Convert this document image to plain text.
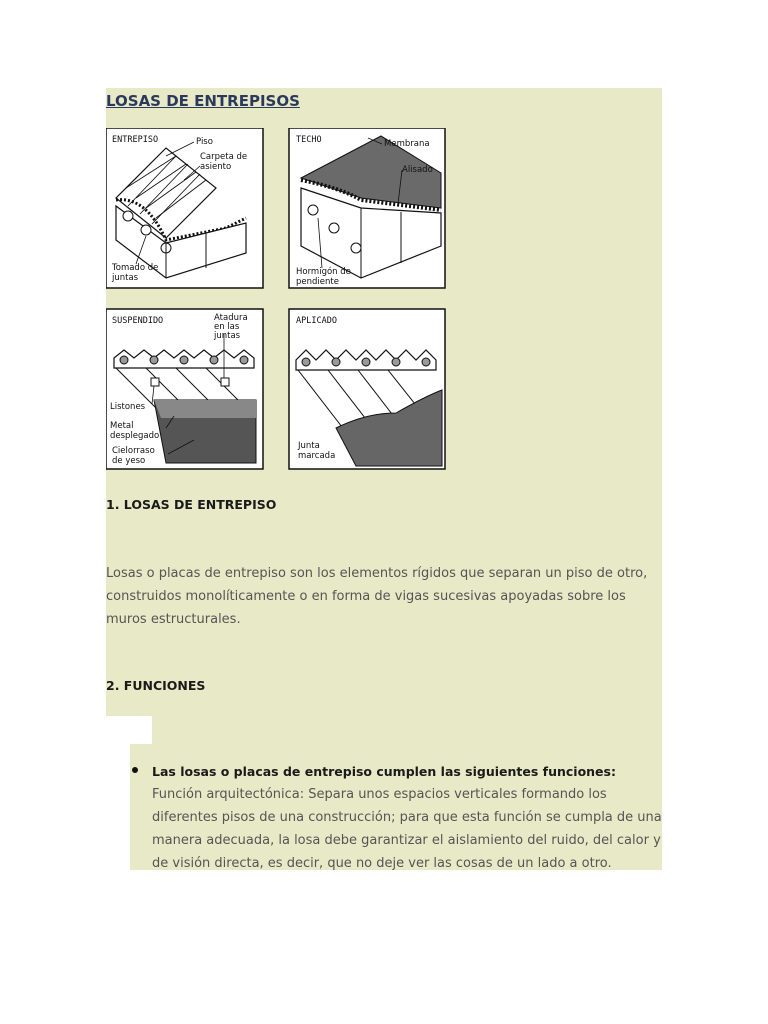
LOSAS DE ENTREPISOS
ENTREPISO	TECHO
SUSPENDIDO	APLICADO
Piso
Carpeta de
asiento
Tomado de
juntas
Membrana
Alisado
Hormigón de
pendiente
Atadura
en las
juntas
Listones
Metal
desplegado
Cielorraso
de yeso
Junta
marcada
1. LOSAS DE ENTREPISO

Losas o placas de entrepiso son los elementos rígidos que separan un piso de otro, construidos monolíticamente o en forma de vigas sucesivas apoyadas sobre los muros estructurales.

2. FUNCIONES
Las losas o placas de entrepiso cumplen las siguientes funciones:
Función arquitectónica: Separa unos espacios verticales formando los diferentes pisos de una construcción; para que esta función se cumpla de una manera adecuada, la losa debe garantizar el aislamiento del ruido, del calor y de visión directa, es decir, que no deje ver las cosas de un lado a otro.
